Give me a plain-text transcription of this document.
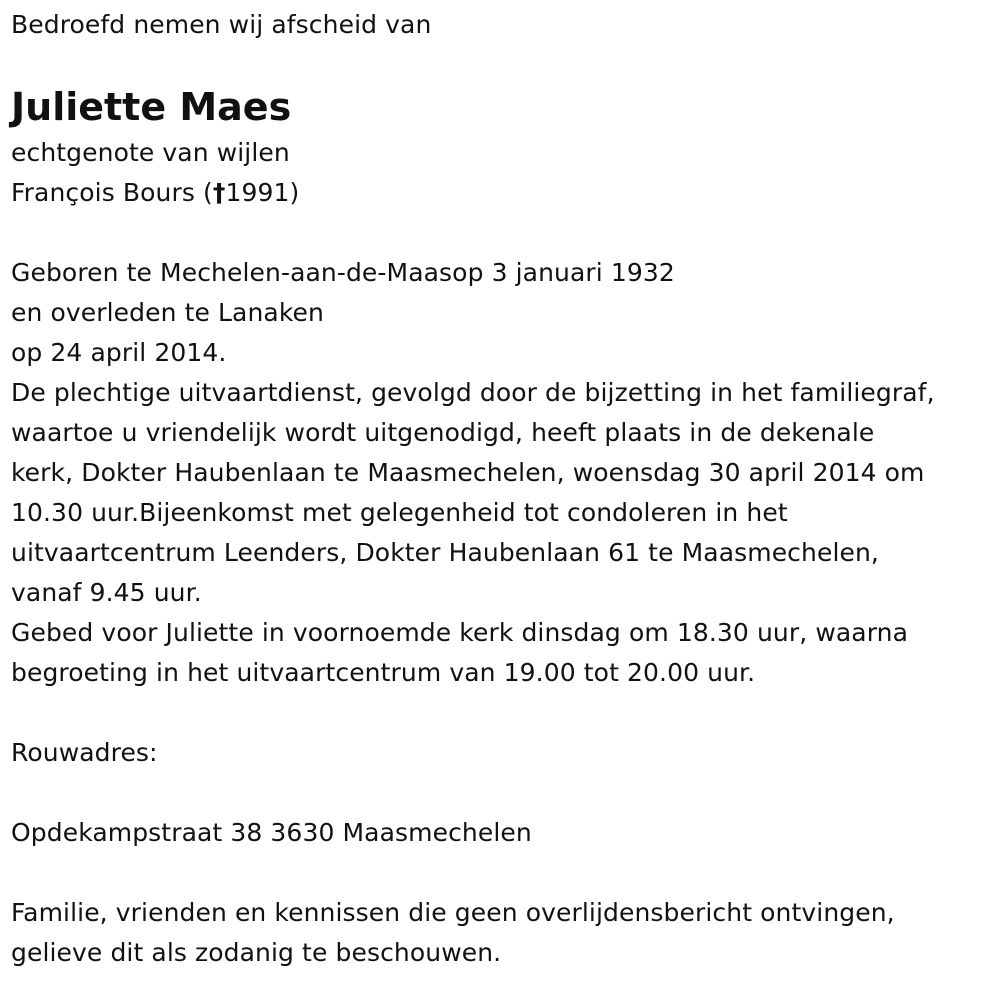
Bedroefd nemen wij afscheid van
Juliette Maes
echtgenote van wijlen
François Bours (†1991)
Geboren te Mechelen-aan-de-Maasop 3 januari 1932
en overleden te Lanaken
op 24 april 2014.
De plechtige uitvaartdienst, gevolgd door de bijzetting in het familiegraf,
waartoe u vriendelijk wordt uitgenodigd, heeft plaats in de dekenale
kerk, Dokter Haubenlaan te Maasmechelen, woensdag 30 april 2014 om
10.30 uur.Bijeenkomst met gelegenheid tot condoleren in het
uitvaartcentrum Leenders, Dokter Haubenlaan 61 te Maasmechelen,
vanaf 9.45 uur.
Gebed voor Juliette in voornoemde kerk dinsdag om 18.30 uur, waarna
begroeting in het uitvaartcentrum van 19.00 tot 20.00 uur.
Rouwadres:
Opdekampstraat 38 3630 Maasmechelen
Familie, vrienden en kennissen die geen overlijdensbericht ontvingen,
gelieve dit als zodanig te beschouwen.
